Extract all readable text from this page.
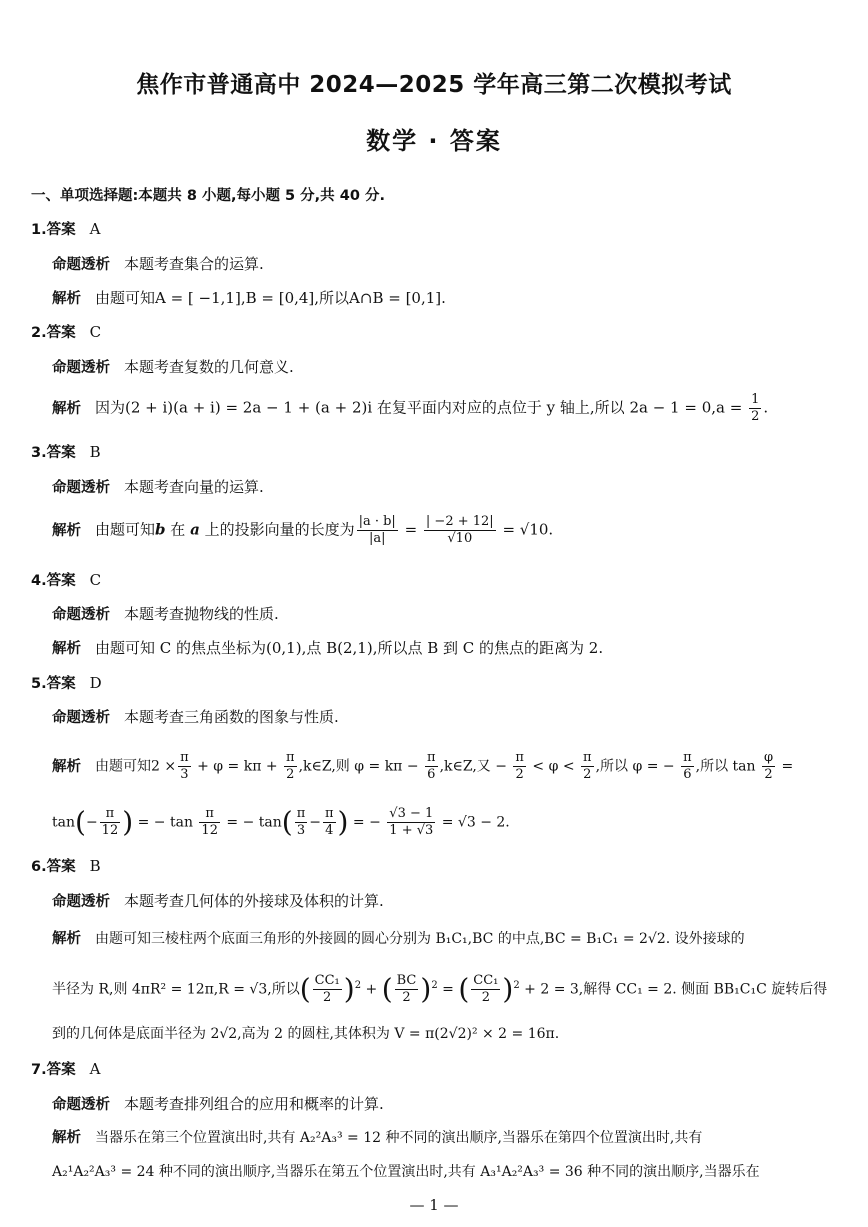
焦作市普通高中 2024—2025 学年高三第二次模拟考试
数学 · 答案
一、单项选择题:本题共 8 小题,每小题 5 分,共 40 分.
1.答案 A
命题透析 本题考查集合的运算.
解析 由题可知A = [ −1,1],B = [0,4],所以A∩B = [0,1].
2.答案 C
命题透析 本题考查复数的几何意义.
解析 因为(2 + i)(a + i) = 2a − 1 + (a + 2)i 在复平面内对应的点位于 y 轴上,所以 $2a - 1 = 0,a = \frac{1}{2}$ .
3.答案 B
命题透析 本题考查向量的运算.
解析 由题可知b 在 a 上的投影向量的长度为 $\frac{|a \cdot b|}{|a|} = \frac{| -2 + 12|}{√10} = √10$.
4.答案 C
命题透析 本题考查抛物线的性质.
解析 由题可知 C 的焦点坐标为(0,1),点 B(2,1),所以点 B 到 C 的焦点的距离为 2.
5.答案 D
命题透析 本题考查三角函数的图象与性质.
解析 由题可知$2 \times \frac{\pi}{3} + \varphi = k\pi + \frac{\pi}{2}$ ,k∈Z,则 $\varphi = k\pi - \frac{\pi}{6}$ ,k∈Z,又 − $\frac{\pi}{2} < \varphi < \frac{\pi}{2}$ ,所以 φ = − $\frac{\pi}{6}$ ,所以 $\tan \frac{\varphi}{2}$ =
$\tan(- \frac{\pi}{12}$ ) = − $\tan \frac{\pi}{12}$ = − $\tan( \frac{\pi}{3} - \frac{\pi}{4}$ ) = − $\frac{√3 - 1}{1 + √3} = √3 - 2$.
6.答案 B
命题透析 本题考查几何体的外接球及体积的计算.
解析 由题可知三棱柱两个底面三角形的外接圆的圆心分别为 B₁C₁,BC 的中点,BC = B₁C₁ = 2√2. 设外接球的
半径为 R,则 4πR² = 12π,R = √3,所以( $\frac{\text{CC₁}}{2} )^2$ + ( $\frac{BC}{2} )^2$ = ( $\frac{\text{CC₁}}{2} )^2 + 2 = 3$,解得 CC₁ = 2. 侧面 BB₁C₁C 旋转后得
到的几何体是底面半径为 2√2,高为 2 的圆柱,其体积为 V = π(2√2)² × 2 = 16π.
7.答案 A
命题透析 本题考查排列组合的应用和概率的计算.
解析 当器乐在第三个位置演出时,共有 A₂²A₃³ = 12 种不同的演出顺序,当器乐在第四个位置演出时,共有
A₂¹A₂²A₃³ = 24 种不同的演出顺序,当器乐在第五个位置演出时,共有 A₃¹A₂²A₃³ = 36 种不同的演出顺序,当器乐在
— 1 —
